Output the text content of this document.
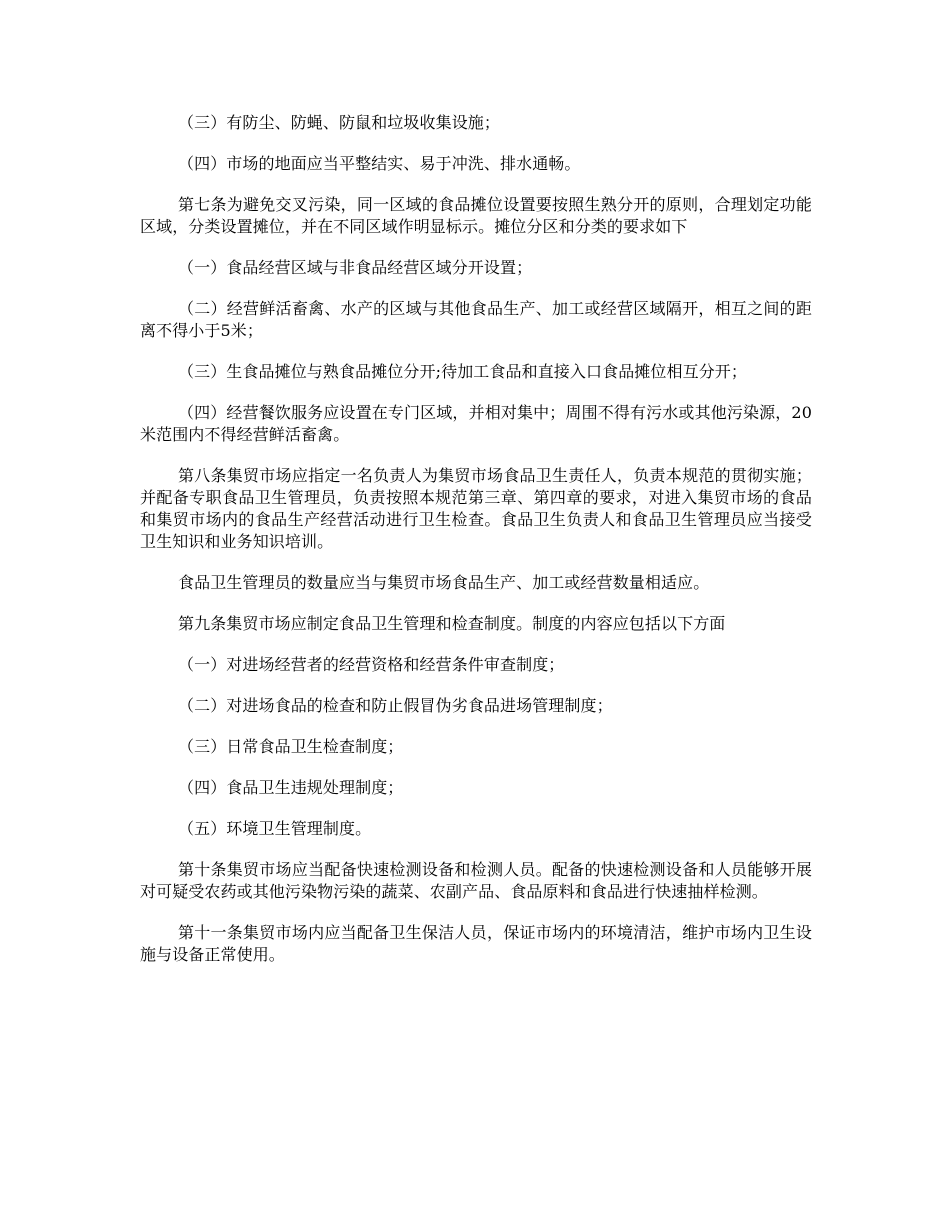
（三）有防尘、防蝇、防鼠和垃圾收集设施；

（四）市场的地面应当平整结实、易于冲洗、排水通畅。

第七条为避免交叉污染，同一区域的食品摊位设置要按照生熟分开的原则，合理划定功能区域，分类设置摊位，并在不同区域作明显标示。摊位分区和分类的要求如下

（一）食品经营区域与非食品经营区域分开设置；

（二）经营鲜活畜禽、水产的区域与其他食品生产、加工或经营区域隔开，相互之间的距离不得小于5米；

（三）生食品摊位与熟食品摊位分开;待加工食品和直接入口食品摊位相互分开；

（四）经营餐饮服务应设置在专门区域，并相对集中；周围不得有污水或其他污染源，20米范围内不得经营鲜活畜禽。

第八条集贸市场应指定一名负责人为集贸市场食品卫生责任人，负责本规范的贯彻实施；并配备专职食品卫生管理员，负责按照本规范第三章、第四章的要求，对进入集贸市场的食品和集贸市场内的食品生产经营活动进行卫生检查。食品卫生负责人和食品卫生管理员应当接受卫生知识和业务知识培训。

食品卫生管理员的数量应当与集贸市场食品生产、加工或经营数量相适应。

第九条集贸市场应制定食品卫生管理和检查制度。制度的内容应包括以下方面

（一）对进场经营者的经营资格和经营条件审查制度；

（二）对进场食品的检查和防止假冒伪劣食品进场管理制度；

（三）日常食品卫生检查制度；

（四）食品卫生违规处理制度；

（五）环境卫生管理制度。

第十条集贸市场应当配备快速检测设备和检测人员。配备的快速检测设备和人员能够开展对可疑受农药或其他污染物污染的蔬菜、农副产品、食品原料和食品进行快速抽样检测。

第十一条集贸市场内应当配备卫生保洁人员，保证市场内的环境清洁，维护市场内卫生设施与设备正常使用。
